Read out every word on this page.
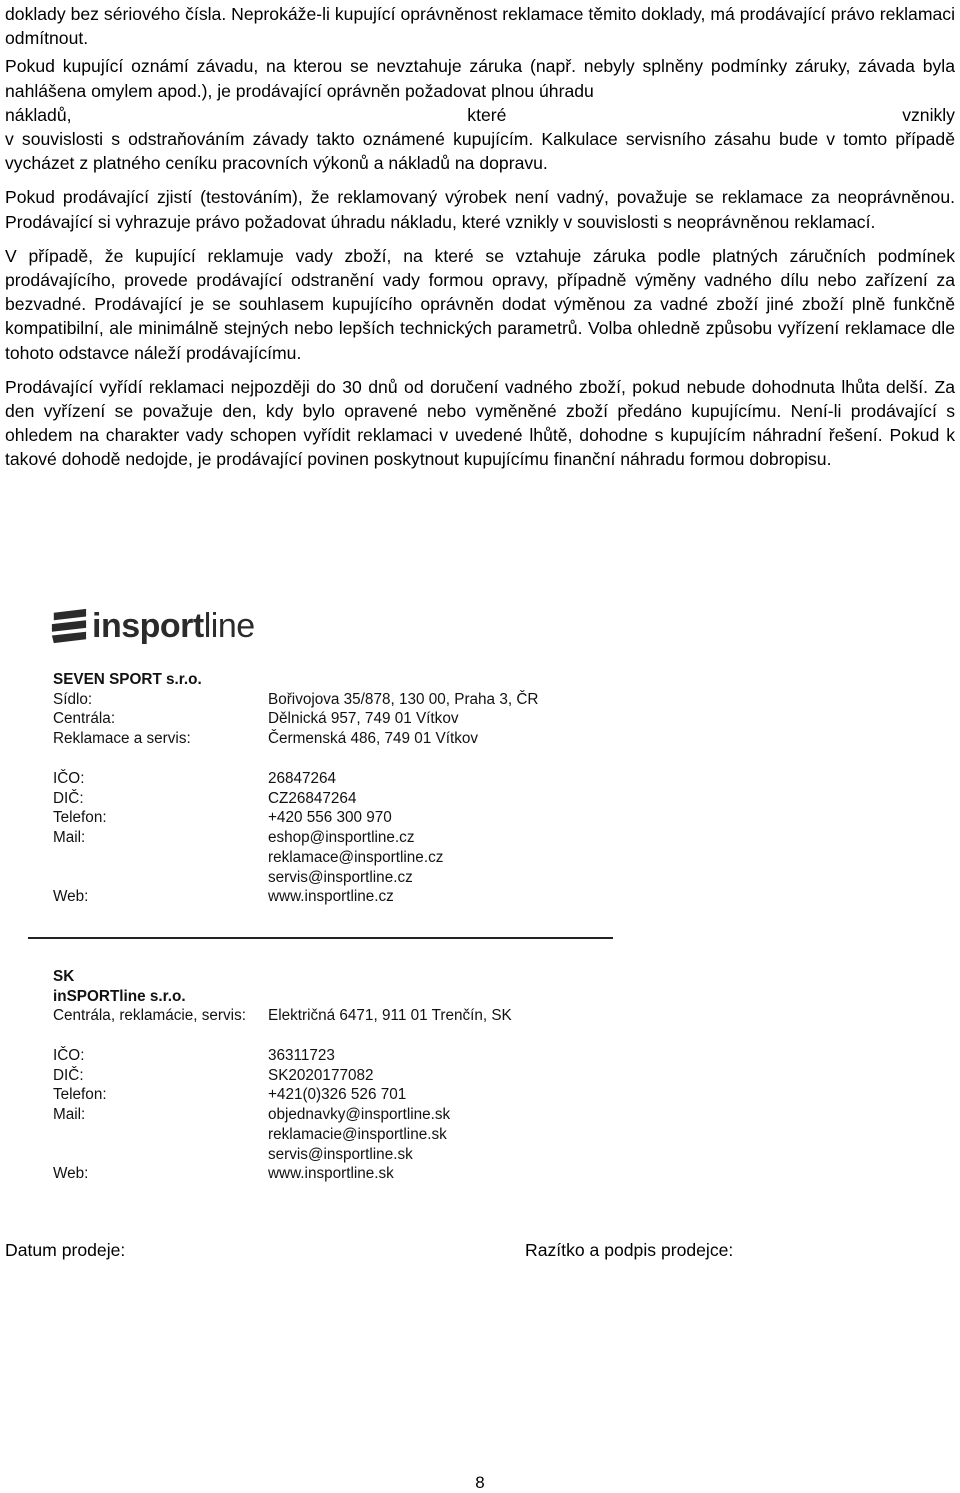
doklady bez sériového čísla. Neprokáže-li kupující oprávněnost reklamace těmito doklady, má prodávající právo reklamaci odmítnout.

Pokud kupující oznámí závadu, na kterou se nevztahuje záruka (např. nebyly splněny podmínky záruky, závada byla nahlášena omylem apod.), je prodávající oprávněn požadovat plnou úhradu

nákladů,	které	vznikly

v souvislosti s odstraňováním závady takto oznámené kupujícím. Kalkulace servisního zásahu bude v tomto případě vycházet z platného ceníku pracovních výkonů a nákladů na dopravu.

Pokud prodávající zjistí (testováním), že reklamovaný výrobek není vadný, považuje se reklamace za neoprávněnou. Prodávající si vyhrazuje právo požadovat úhradu nákladu, které vznikly v souvislosti s neoprávněnou reklamací.

V případě, že kupující reklamuje vady zboží, na které se vztahuje záruka podle platných záručních podmínek prodávajícího, provede prodávající odstranění vady formou opravy, případně výměny vadného dílu nebo zařízení za bezvadné. Prodávající je se souhlasem kupujícího oprávněn dodat výměnou za vadné zboží jiné zboží plně funkčně kompatibilní, ale minimálně stejných nebo lepších technických parametrů. Volba ohledně způsobu vyřízení reklamace dle tohoto odstavce náleží prodávajícímu.

Prodávající vyřídí reklamaci nejpozději do 30 dnů od doručení vadného zboží, pokud nebude dohodnuta lhůta delší. Za den vyřízení se považuje den, kdy bylo opravené nebo vyměněné zboží předáno kupujícímu. Není-li prodávající s ohledem na charakter vady schopen vyřídit reklamaci v uvedené lhůtě, dohodne s kupujícím náhradní řešení. Pokud k takové dohodě nedojde, je prodávající povinen poskytnout kupujícímu finanční náhradu formou dobropisu.

insportline
SEVEN SPORT s.r.o.
Sídlo:	Bořivojova 35/878, 130 00, Praha 3, ČR
Centrála:	Dělnická 957, 749 01 Vítkov
Reklamace a servis:	Čermenská 486, 749 01 Vítkov
IČO:	26847264
DIČ:	CZ26847264
Telefon:	+420 556 300 970
Mail:	eshop@insportline.cz
reklamace@insportline.cz
servis@insportline.cz
Web:	www.insportline.cz
SK
inSPORTline s.r.o.
Centrála, reklamácie, servis:	Električná 6471, 911 01 Trenčín, SK
IČO:	36311723
DIČ:	SK2020177082
Telefon:	+421(0)326 526 701
Mail:	objednavky@insportline.sk
reklamacie@insportline.sk
servis@insportline.sk
Web:	www.insportline.sk
Datum prodeje:	Razítko a podpis prodejce:
8
